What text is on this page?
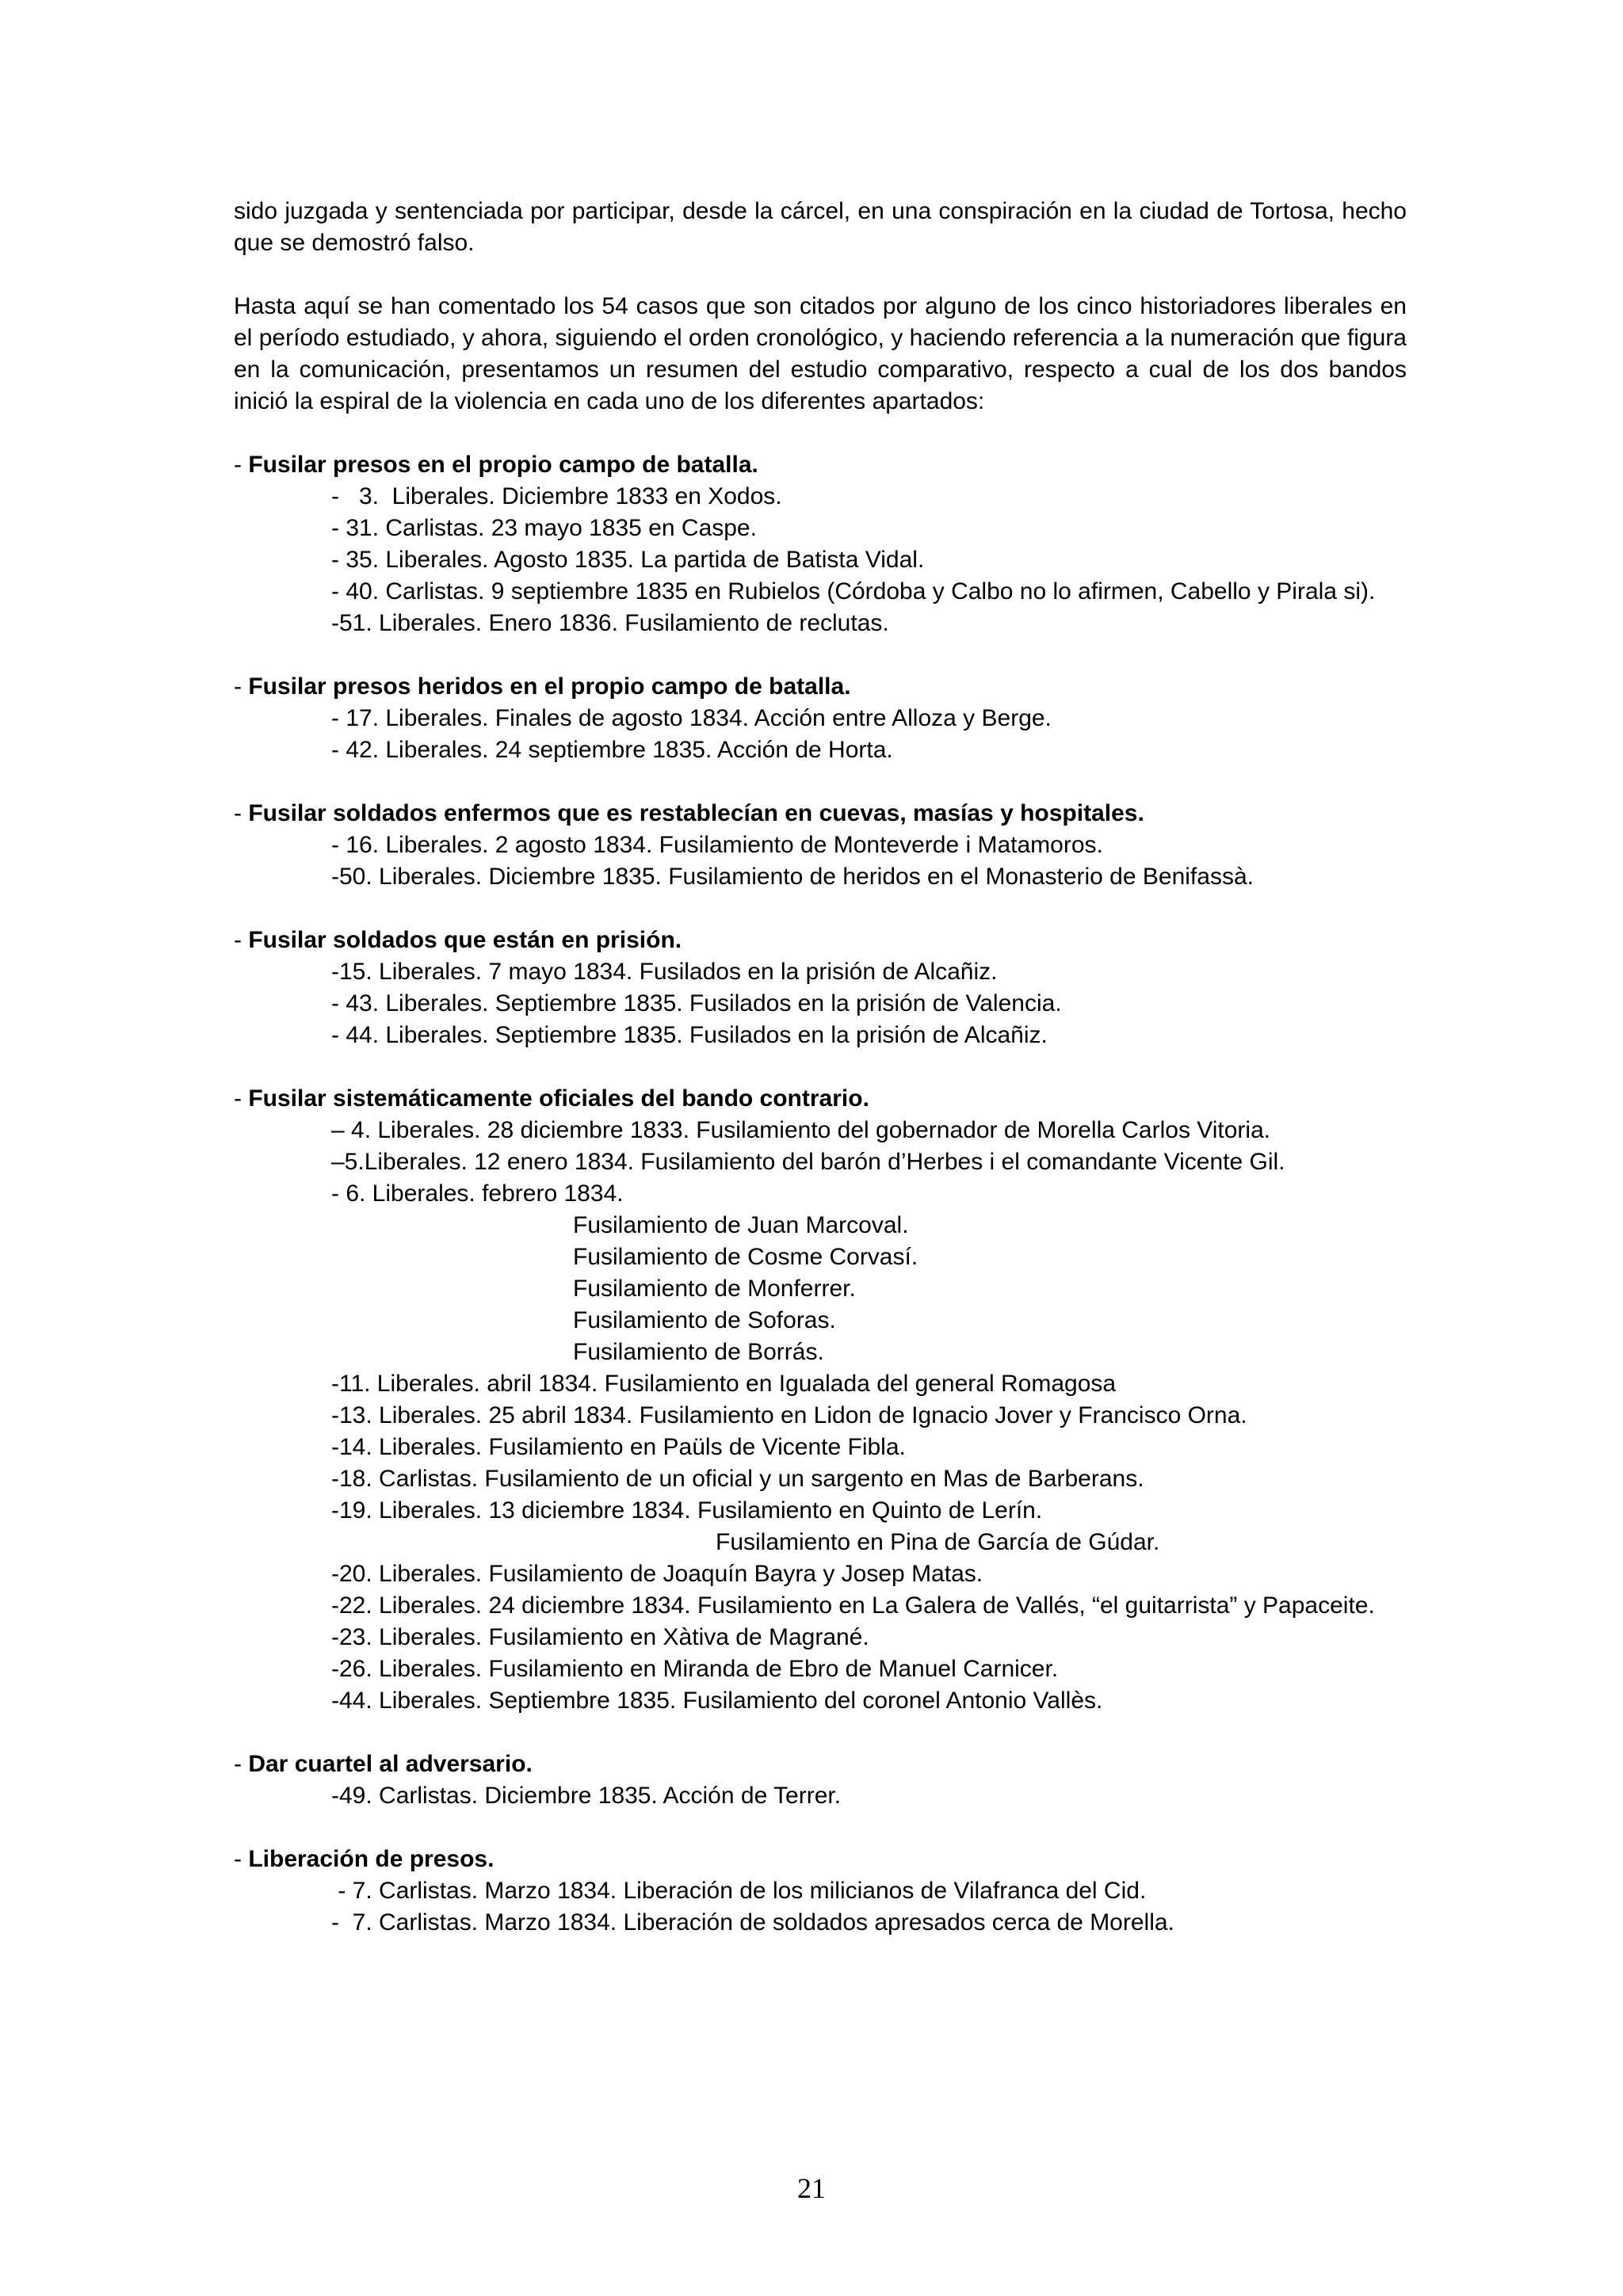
sido juzgada y sentenciada por participar, desde la cárcel, en una conspiración en la ciudad de Tortosa, hecho que se demostró falso.

Hasta aquí se han comentado los 54 casos que son citados por alguno de los cinco historiadores liberales en el período estudiado, y ahora, siguiendo el orden cronológico, y haciendo referencia a la numeración que figura en la comunicación, presentamos un resumen del estudio comparativo, respecto a cual de los dos bandos inició la espiral de la violencia en cada uno de los diferentes apartados:

- Fusilar presos en el propio campo de batalla.

-   3.  Liberales. Diciembre 1833 en Xodos.
- 31. Carlistas. 23 mayo 1835 en Caspe.
- 35. Liberales. Agosto 1835. La partida de Batista Vidal.
- 40. Carlistas. 9 septiembre 1835 en Rubielos (Córdoba y Calbo no lo afirmen, Cabello y Pirala si).
-51. Liberales. Enero 1836. Fusilamiento de reclutas.

- Fusilar presos heridos en el propio campo de batalla.

- 17. Liberales. Finales de agosto 1834. Acción entre Alloza y Berge.
- 42. Liberales. 24 septiembre 1835. Acción de Horta.

- Fusilar soldados enfermos que es restablecían en cuevas, masías y hospitales.

- 16. Liberales. 2 agosto 1834. Fusilamiento de Monteverde i Matamoros.
-50. Liberales. Diciembre 1835. Fusilamiento de heridos en el Monasterio de Benifassà.

- Fusilar soldados que están en prisión.

-15. Liberales. 7 mayo 1834. Fusilados en la prisión de Alcañiz.
- 43. Liberales. Septiembre 1835. Fusilados en la prisión de Valencia.
- 44. Liberales. Septiembre 1835. Fusilados en la prisión de Alcañiz.

- Fusilar sistemáticamente oficiales del bando contrario.

– 4. Liberales. 28 diciembre 1833. Fusilamiento del gobernador de Morella Carlos Vitoria.
–5.Liberales. 12 enero 1834. Fusilamiento del barón d’Herbes i el comandante Vicente Gil.
- 6. Liberales. febrero 1834.
Fusilamiento de Juan Marcoval.
Fusilamiento de Cosme Corvasí.
Fusilamiento de Monferrer.
Fusilamiento de Soforas.
Fusilamiento de Borrás.
-11. Liberales. abril 1834. Fusilamiento en Igualada del general Romagosa
-13. Liberales. 25 abril 1834. Fusilamiento en Lidon de Ignacio Jover y Francisco Orna.
-14. Liberales. Fusilamiento en Paüls de Vicente Fibla.
-18. Carlistas. Fusilamiento de un oficial y un sargento en Mas de Barberans.
-19. Liberales. 13 diciembre 1834. Fusilamiento en Quinto de Lerín.
Fusilamiento en Pina de García de Gúdar.
-20. Liberales. Fusilamiento de Joaquín Bayra y Josep Matas.
-22. Liberales. 24 diciembre 1834. Fusilamiento en La Galera de Vallés, “el guitarrista” y Papaceite.
-23. Liberales. Fusilamiento en Xàtiva de Magrané.
-26. Liberales. Fusilamiento en Miranda de Ebro de Manuel Carnicer.
-44. Liberales. Septiembre 1835. Fusilamiento del coronel Antonio Vallès.

- Dar cuartel al adversario.

-49. Carlistas. Diciembre 1835. Acción de Terrer.

- Liberación de presos.

- 7. Carlistas. Marzo 1834. Liberación de los milicianos de Vilafranca del Cid.
-  7. Carlistas. Marzo 1834. Liberación de soldados apresados cerca de Morella.
21
